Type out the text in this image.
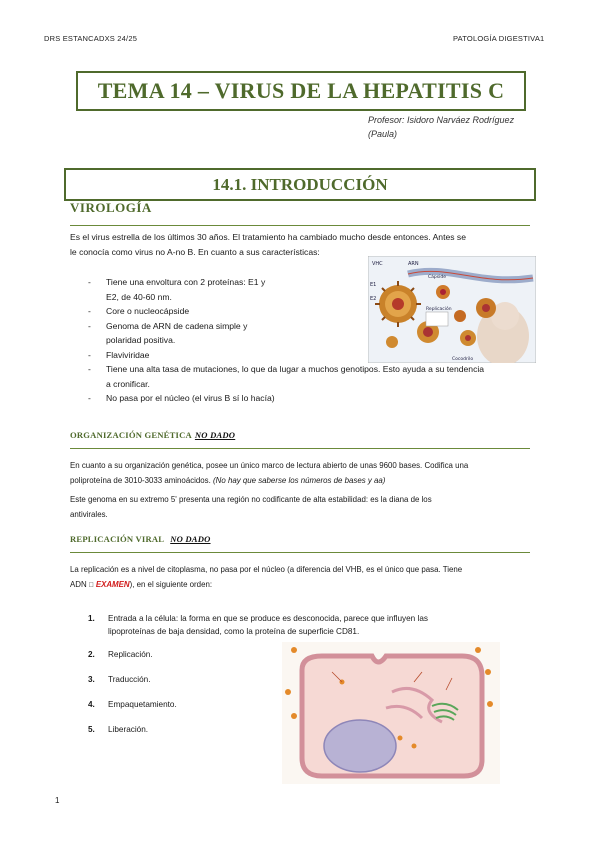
DRS ESTANCADXS 24/25	PATOLOGÍA DIGESTIVA1
TEMA 14 – VIRUS DE LA HEPATITIS C
Profesor: Isidoro Narváez Rodríguez
(Paula)
14.1. INTRODUCCIÓN
VIROLOGÍA
Es el virus estrella de los últimos 30 años. El tratamiento ha cambiado mucho desde entonces. Antes se
le conocía como virus no A-no B. En cuanto a sus características:
- Tiene una envoltura con 2 proteínas: E1 y
E2, de 40-60 nm.
- Core o nucleocápside
- Genoma de ARN de cadena simple y
polaridad positiva.
- Flaviviridae
- Tiene una alta tasa de mutaciones, lo que da lugar a muchos genotipos. Esto ayuda a su tendencia
a cronificar.
- No pasa por el núcleo (el virus B sí lo hacía)
VHC	ARN
E1
E2
Cápside
Replicación
Cocodrilo
ORGANIZACIÓN GENÉTICA NO DADO
En cuanto a su organización genética, posee un único marco de lectura abierto de unas 9600 bases. Codifica una
poliproteína de 3010-3033 aminoácidos. (No hay que saberse los números de bases y aa)
Este genoma en su extremo 5' presenta una región no codificante de alta estabilidad: es la diana de los
antivirales.
REPLICACIÓN VIRAL NO DADO
La replicación es a nivel de citoplasma, no pasa por el núcleo (a diferencia del VHB, es el único que pasa. Tiene
ADN ⃞ EXAMEN), en el siguiente orden:
1. Entrada a la célula: la forma en que se produce es desconocida, parece que influyen las
lipoproteínas de baja densidad, como la proteína de superficie CD81.
2. Replicación.
3. Traducción.
4. Empaquetamiento.
5. Liberación.
1
